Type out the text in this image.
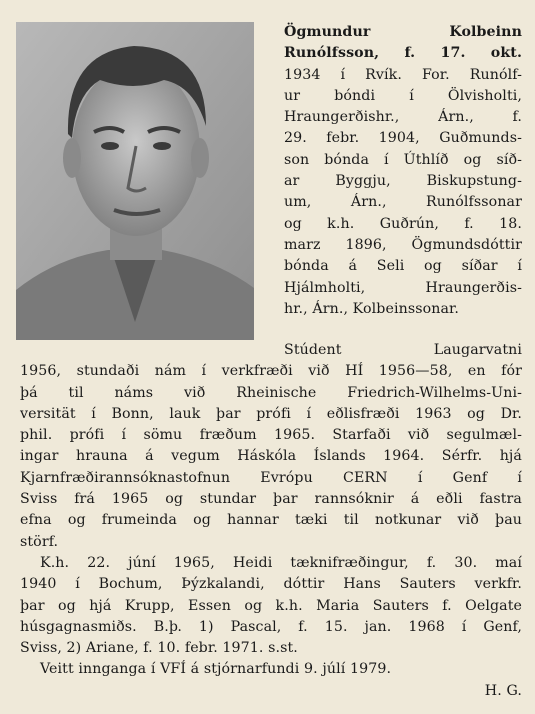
Ögmundur Kolbeinn
Runólfsson, f. 17. okt.
1934 í Rvík. For. Runólf-
ur bóndi í Ölvisholti,
Hraungerðishr., Árn., f.
29. febr. 1904, Guðmunds-
son bónda í Úthlíð og síð-
ar Byggju, Biskupstung-
um, Árn., Runólfssonar
og k.h. Guðrún, f. 18.
marz 1896, Ögmundsdóttir
bónda á Seli og síðar í
Hjálmholti, Hraungerðis-
hr., Árn., Kolbeinssonar.
Stúdent Laugarvatni
1956, stundaði nám í verkfræði við HÍ 1956—58, en fór
þá til náms við Rheinische Friedrich-Wilhelms-Uni-
versität í Bonn, lauk þar prófi í eðlisfræði 1963 og Dr.
phil. prófi í sömu fræðum 1965. Starfaði við segulmæl-
ingar hrauna á vegum Háskóla Íslands 1964. Sérfr. hjá
Kjarnfræðirannsóknastofnun Evrópu CERN í Genf í
Sviss frá 1965 og stundar þar rannsóknir á eðli fastra
efna og frumeinda og hannar tæki til notkunar við þau
störf.
K.h. 22. júní 1965, Heidi tæknifræðingur, f. 30. maí
1940 í Bochum, Þýzkalandi, dóttir Hans Sauters verkfr.
þar og hjá Krupp, Essen og k.h. Maria Sauters f. Oelgate
húsgagnasmiðs. B.þ. 1) Pascal, f. 15. jan. 1968 í Genf,
Sviss, 2) Ariane, f. 10. febr. 1971. s.st.
Veitt inngangа í VFÍ á stjórnarfundi 9. júlí 1979.
H. G.
